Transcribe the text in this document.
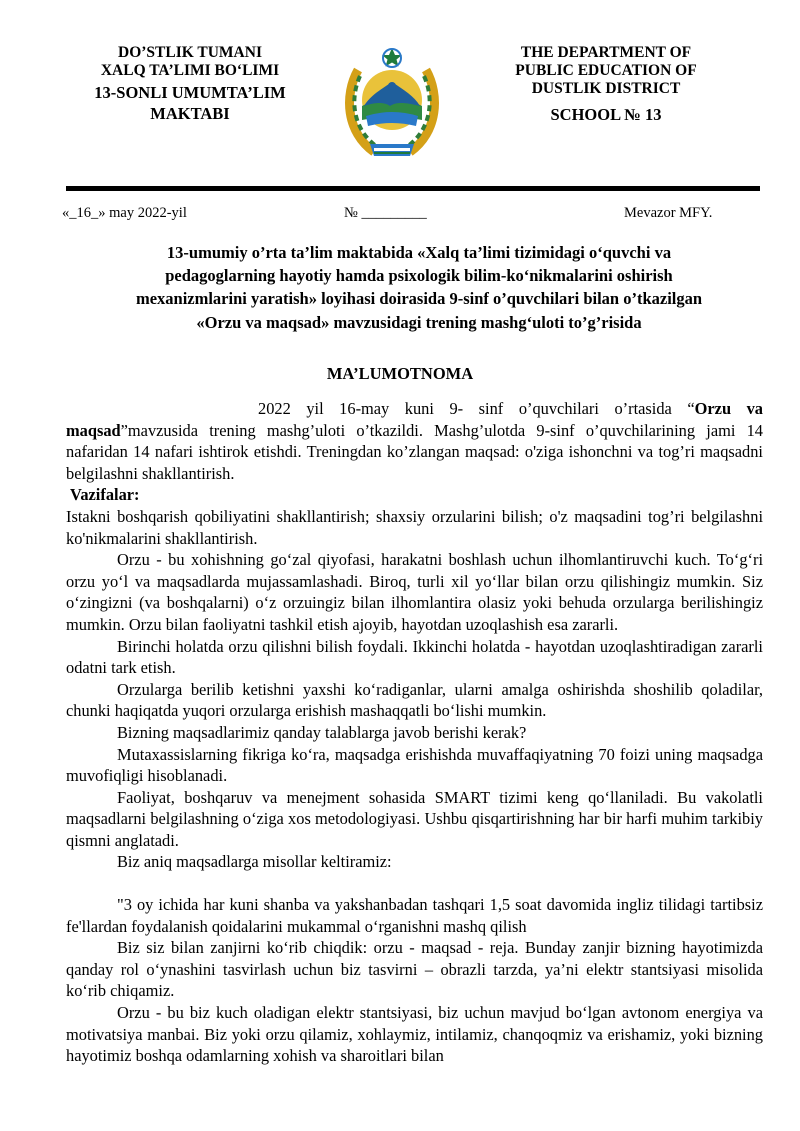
DO’STLIK TUMANI
XALQ TA’LIMI BO‘LIMI
13-SONLI UMUMTA’LIM
MAKTABI
THE DEPARTMENT OF
PUBLIC EDUCATION OF
DUSTLIK DISTRICT
SCHOOL № 13
«_16_» may 2022-yil	№ _________	Mevazor MFY.
13-umumiy o’rta ta’lim maktabida «Xalq ta’limi tizimidagi o‘quvchi va
pedagoglarning hayotiy hamda psixologik bilim-ko‘nikmalarini oshirish
mexanizmlarini yaratish» loyihasi doirasida 9-sinf o’quvchilari bilan o’tkazilgan
«Orzu va maqsad» mavzusidagi trening mashg‘uloti to’g’risida
MA’LUMOTNOMA

2022 yil 16-may kuni 9- sinf o’quvchilari o’rtasida “Orzu va maqsad”mavzusida trening mashg’uloti o’tkazildi. Mashg’ulotda 9-sinf o’quvchilarining jami 14 nafaridan 14 nafari ishtirok etishdi. Treningdan ko’zlangan maqsad: o'ziga ishonchni va tog’ri maqsadni belgilashni shakllantirish.

Vazifalar:

Istakni boshqarish qobiliyatini shakllantirish; shaxsiy orzularini bilish; o'z maqsadini tog’ri belgilashni ko'nikmalarini shakllantirish.

Orzu - bu xohishning go‘zal qiyofasi, harakatni boshlash uchun ilhomlantiruvchi kuch. To‘g‘ri orzu yo‘l va maqsadlarda mujassamlashadi. Biroq, turli xil yo‘llar bilan orzu qilishingiz mumkin. Siz o‘zingizni (va boshqalarni) o‘z orzuingiz bilan ilhomlantira olasiz yoki behuda orzularga berilishingiz mumkin. Orzu bilan faoliyatni tashkil etish ajoyib, hayotdan uzoqlashish esa zararli.

Birinchi holatda orzu qilishni bilish foydali. Ikkinchi holatda - hayotdan uzoqlashtiradigan zararli odatni tark etish.

Orzularga berilib ketishni yaxshi ko‘radiganlar, ularni amalga oshirishda shoshilib qoladilar, chunki haqiqatda yuqori orzularga erishish mashaqqatli bo‘lishi mumkin.

Bizning maqsadlarimiz qanday talablarga javob berishi kerak?

Mutaxassislarning fikriga ko‘ra, maqsadga erishishda muvaffaqiyatning 70 foizi uning maqsadga muvofiqligi hisoblanadi.

Faoliyat, boshqaruv va menejment sohasida SMART tizimi keng qo‘llaniladi. Bu vakolatli maqsadlarni belgilashning o‘ziga xos metodologiyasi. Ushbu qisqartirishning har bir harfi muhim tarkibiy qismni anglatadi.

Biz aniq maqsadlarga misollar keltiramiz:

"3 oy ichida har kuni shanba va yakshanbadan tashqari 1,5 soat davomida ingliz tilidagi tartibsiz fe'llardan foydalanish qoidalarini mukammal o‘rganishni mashq qilish

Biz siz bilan zanjirni ko‘rib chiqdik: orzu - maqsad - reja. Bunday zanjir bizning hayotimizda qanday rol o‘ynashini tasvirlash uchun biz tasvirni – obrazli tarzda, ya’ni elektr stantsiyasi misolida ko‘rib chiqamiz.

Orzu - bu biz kuch oladigan elektr stantsiyasi, biz uchun mavjud bo‘lgan avtonom energiya va motivatsiya manbai. Biz yoki orzu qilamiz, xohlaymiz, intilamiz, chanqoqmiz va erishamiz, yoki bizning hayotimiz boshqa odamlarning xohish va sharoitlari bilan
